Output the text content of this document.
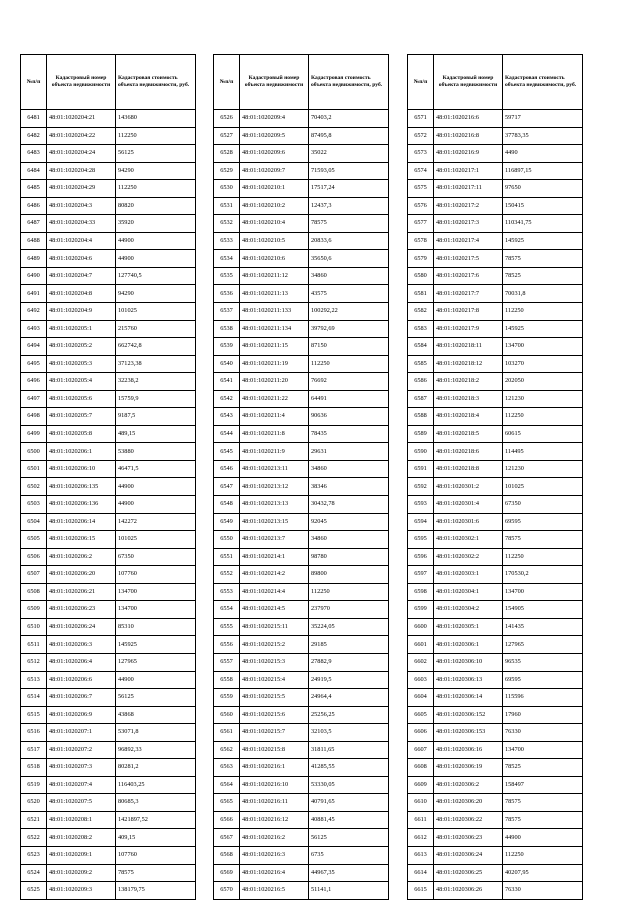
№п/п	Кадастровый номер объекта недвижимости	Кадастровая стоимость объекта недвижимости, руб.
6481	48:01:1020204:21	143680
6482	48:01:1020204:22	112250
6483	48:01:1020204:24	56125
6484	48:01:1020204:28	94290
6485	48:01:1020204:29	112250
6486	48:01:1020204:3	80820
6487	48:01:1020204:33	35920
6488	48:01:1020204:4	44900
6489	48:01:1020204:6	44900
6490	48:01:1020204:7	127740,5
6491	48:01:1020204:8	94290
6492	48:01:1020204:9	101025
6493	48:01:1020205:1	215760
6494	48:01:1020205:2	662742,8
6495	48:01:1020205:3	37123,38
6496	48:01:1020205:4	32238,2
6497	48:01:1020205:6	15759,9
6498	48:01:1020205:7	9187,5
6499	48:01:1020205:8	489,15
6500	48:01:1020206:1	53880
6501	48:01:1020206:10	46471,5
6502	48:01:1020206:135	44900
6503	48:01:1020206:136	44900
6504	48:01:1020206:14	142272
6505	48:01:1020206:15	101025
6506	48:01:1020206:2	67350
6507	48:01:1020206:20	107760
6508	48:01:1020206:21	134700
6509	48:01:1020206:23	134700
6510	48:01:1020206:24	85310
6511	48:01:1020206:3	145925
6512	48:01:1020206:4	127965
6513	48:01:1020206:6	44900
6514	48:01:1020206:7	56125
6515	48:01:1020206:9	43868
6516	48:01:1020207:1	53071,8
6517	48:01:1020207:2	96892,33
6518	48:01:1020207:3	80281,2
6519	48:01:1020207:4	116403,25
6520	48:01:1020207:5	80685,3
6521	48:01:1020208:1	1421897,52
6522	48:01:1020208:2	409,15
6523	48:01:1020209:1	107760
6524	48:01:1020209:2	78575
6525	48:01:1020209:3	138179,75
№п/п	Кадастровый номер объекта недвижимости	Кадастровая стоимость объекта недвижимости, руб.
6526	48:01:1020209:4	70403,2
6527	48:01:1020209:5	87495,8
6528	48:01:1020209:6	35022
6529	48:01:1020209:7	71593,05
6530	48:01:1020210:1	17517,24
6531	48:01:1020210:2	12437,3
6532	48:01:1020210:4	78575
6533	48:01:1020210:5	20833,6
6534	48:01:1020210:6	35650,6
6535	48:01:1020211:12	34860
6536	48:01:1020211:13	43575
6537	48:01:1020211:133	100292,22
6538	48:01:1020211:134	39792,69
6539	48:01:1020211:15	87150
6540	48:01:1020211:19	112250
6541	48:01:1020211:20	76692
6542	48:01:1020211:22	64491
6543	48:01:1020211:4	90636
6544	48:01:1020211:8	78435
6545	48:01:1020211:9	29631
6546	48:01:1020213:11	34860
6547	48:01:1020213:12	38346
6548	48:01:1020213:13	30432,78
6549	48:01:1020213:15	92045
6550	48:01:1020213:7	34860
6551	48:01:1020214:1	98780
6552	48:01:1020214:2	89800
6553	48:01:1020214:4	112250
6554	48:01:1020214:5	237970
6555	48:01:1020215:11	35224,05
6556	48:01:1020215:2	29185
6557	48:01:1020215:3	27882,9
6558	48:01:1020215:4	24919,5
6559	48:01:1020215:5	24964,4
6560	48:01:1020215:6	25256,25
6561	48:01:1020215:7	32103,5
6562	48:01:1020215:8	31811,65
6563	48:01:1020216:1	41285,55
6564	48:01:1020216:10	53330,05
6565	48:01:1020216:11	40791,65
6566	48:01:1020216:12	40881,45
6567	48:01:1020216:2	56125
6568	48:01:1020216:3	6735
6569	48:01:1020216:4	44967,35
6570	48:01:1020216:5	51141,1
№п/п	Кадастровый номер объекта недвижимости	Кадастровая стоимость объекта недвижимости, руб.
6571	48:01:1020216:6	59717
6572	48:01:1020216:8	37783,35
6573	48:01:1020216:9	4490
6574	48:01:1020217:1	116897,15
6575	48:01:1020217:11	97650
6576	48:01:1020217:2	150415
6577	48:01:1020217:3	110341,75
6578	48:01:1020217:4	145925
6579	48:01:1020217:5	78575
6580	48:01:1020217:6	78525
6581	48:01:1020217:7	70031,8
6582	48:01:1020217:8	112250
6583	48:01:1020217:9	145925
6584	48:01:1020218:11	134700
6585	48:01:1020218:12	103270
6586	48:01:1020218:2	202050
6587	48:01:1020218:3	121230
6588	48:01:1020218:4	112250
6589	48:01:1020218:5	60615
6590	48:01:1020218:6	114495
6591	48:01:1020218:8	121230
6592	48:01:1020301:2	101025
6593	48:01:1020301:4	67350
6594	48:01:1020301:6	69595
6595	48:01:1020302:1	78575
6596	48:01:1020302:2	112250
6597	48:01:1020303:1	170530,2
6598	48:01:1020304:1	134700
6599	48:01:1020304:2	154905
6600	48:01:1020305:1	141435
6601	48:01:1020306:1	127965
6602	48:01:1020306:10	96535
6603	48:01:1020306:13	69595
6604	48:01:1020306:14	115596
6605	48:01:1020306:152	17960
6606	48:01:1020306:153	76330
6607	48:01:1020306:16	134700
6608	48:01:1020306:19	78525
6609	48:01:1020306:2	158497
6610	48:01:1020306:20	78575
6611	48:01:1020306:22	78575
6612	48:01:1020306:23	44900
6613	48:01:1020306:24	112250
6614	48:01:1020306:25	40207,95
6615	48:01:1020306:26	76330
